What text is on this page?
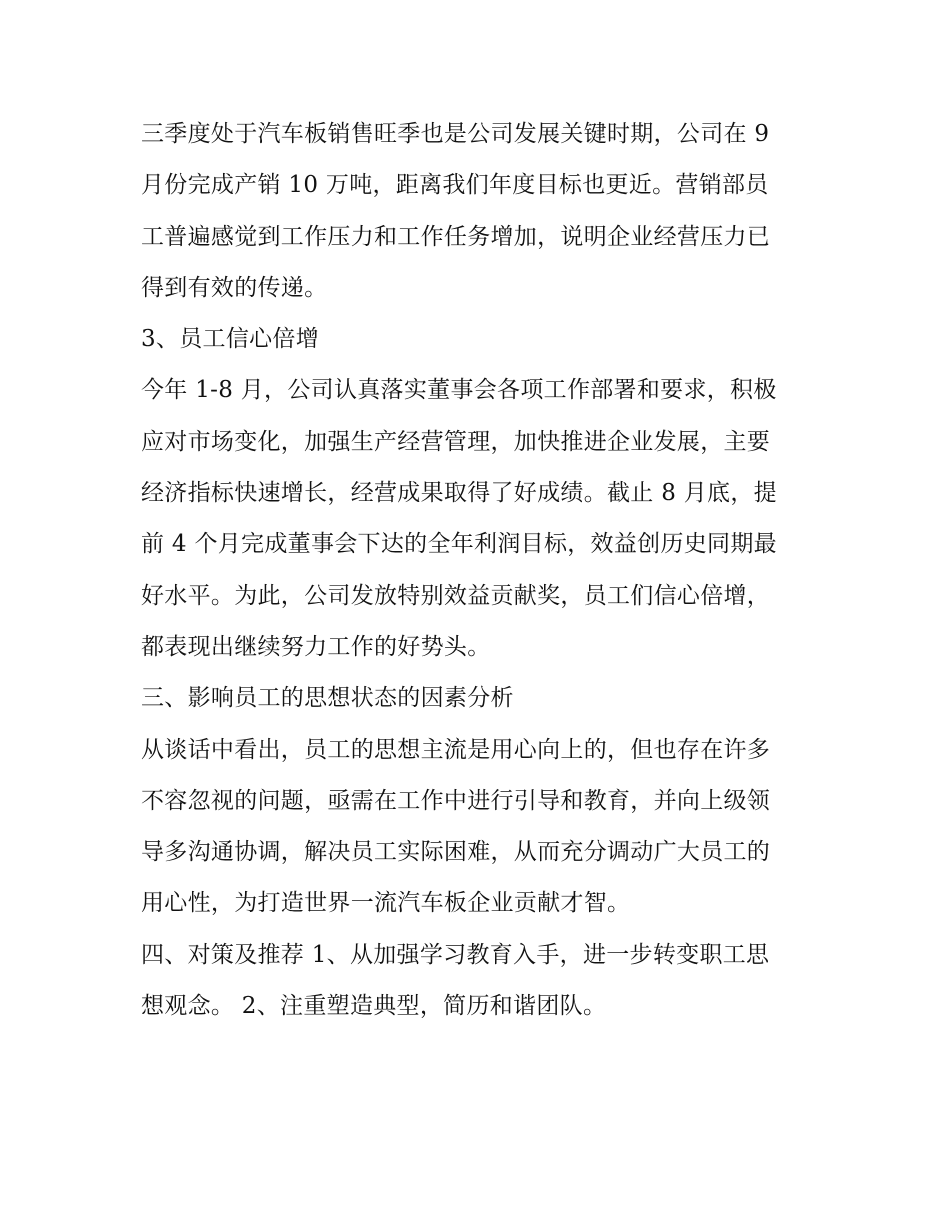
三季度处于汽车板销售旺季也是公司发展关键时期，公司在 9
月份完成产销 10 万吨，距离我们年度目标也更近。营销部员
工普遍感觉到工作压力和工作任务增加，说明企业经营压力已
得到有效的传递。
3、员工信心倍增
今年 1-8 月，公司认真落实董事会各项工作部署和要求，积极
应对市场变化，加强生产经营管理，加快推进企业发展，主要
经济指标快速增长，经营成果取得了好成绩。截止 8 月底，提
前 4 个月完成董事会下达的全年利润目标，效益创历史同期最
好水平。为此，公司发放特别效益贡献奖，员工们信心倍增，
都表现出继续努力工作的好势头。
三、影响员工的思想状态的因素分析
从谈话中看出，员工的思想主流是用心向上的，但也存在许多
不容忽视的问题，亟需在工作中进行引导和教育，并向上级领
导多沟通协调，解决员工实际困难，从而充分调动广大员工的
用心性，为打造世界一流汽车板企业贡献才智。
四、对策及推荐 1、从加强学习教育入手，进一步转变职工思
想观念。 2、注重塑造典型，简历和谐团队。
